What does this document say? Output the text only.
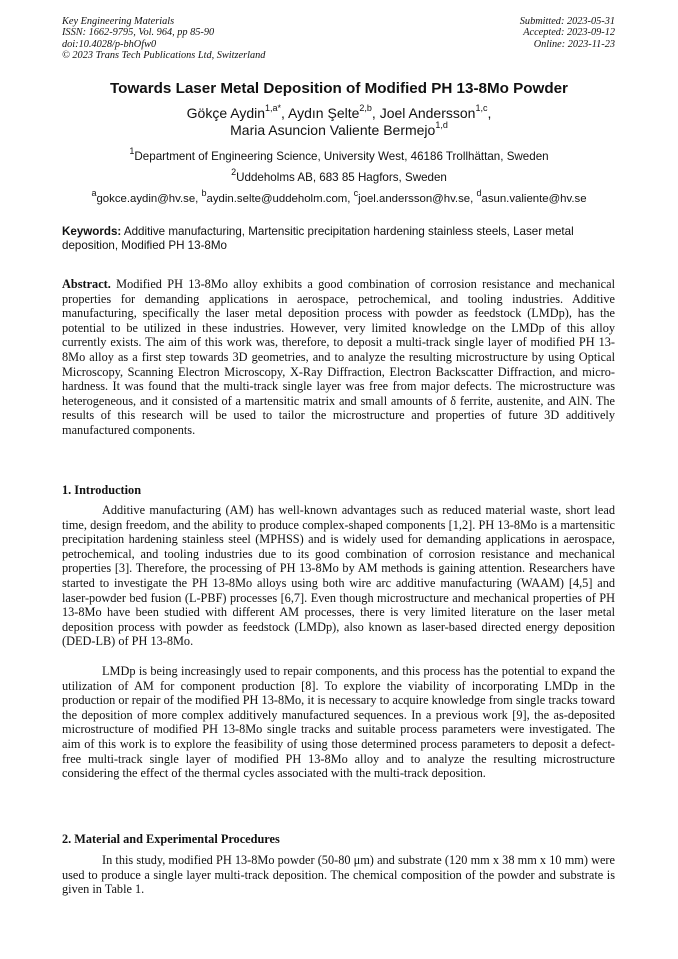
Key Engineering Materials
ISSN: 1662-9795, Vol. 964, pp 85-90
doi:10.4028/p-bhOfw0
© 2023 Trans Tech Publications Ltd, Switzerland
Submitted: 2023-05-31
Accepted: 2023-09-12
Online: 2023-11-23
Towards Laser Metal Deposition of Modified PH 13-8Mo Powder
Gökçe Aydin$^{1,a*}$, Aydın Şelte$^{2,b}$, Joel Andersson$^{1,c}$,
Maria Asuncion Valiente Bermejo$^{1,d}$
$^1$Department of Engineering Science, University West, 46186 Trollhättan, Sweden
$^2$Uddeholms AB, 683 85 Hagfors, Sweden
$^a$gokce.aydin@hv.se, $^b$aydin.selte@uddeholm.com, $^c$joel.andersson@hv.se, $^d$asun.valiente@hv.se
Keywords: Additive manufacturing, Martensitic precipitation hardening stainless steels, Laser metal deposition, Modified PH 13-8Mo
Abstract. Modified PH 13-8Mo alloy exhibits a good combination of corrosion resistance and mechanical properties for demanding applications in aerospace, petrochemical, and tooling industries. Additive manufacturing, specifically the laser metal deposition process with powder as feedstock (LMDp), has the potential to be utilized in these industries. However, very limited knowledge on the LMDp of this alloy currently exists. The aim of this work was, therefore, to deposit a multi-track single layer of modified PH 13-8Mo alloy as a first step towards 3D geometries, and to analyze the resulting microstructure by using Optical Microscopy, Scanning Electron Microscopy, X-Ray Diffraction, Electron Backscatter Diffraction, and micro-hardness. It was found that the multi-track single layer was free from major defects. The microstructure was heterogeneous, and it consisted of a martensitic matrix and small amounts of δ ferrite, austenite, and AlN. The results of this research will be used to tailor the microstructure and properties of future 3D additively manufactured components.
1. Introduction
Additive manufacturing (AM) has well-known advantages such as reduced material waste, short lead time, design freedom, and the ability to produce complex-shaped components [1,2]. PH 13-8Mo is a martensitic precipitation hardening stainless steel (MPHSS) and is widely used for demanding applications in aerospace, petrochemical, and tooling industries due to its good combination of corrosion resistance and mechanical properties [3]. Therefore, the processing of PH 13-8Mo by AM methods is gaining attention. Researchers have started to investigate the PH 13-8Mo alloys using both wire arc additive manufacturing (WAAM) [4,5] and laser-powder bed fusion (L-PBF) processes [6,7]. Even though microstructure and mechanical properties of PH 13-8Mo have been studied with different AM processes, there is very limited literature on the laser metal deposition process with powder as feedstock (LMDp), also known as laser-based directed energy deposition (DED-LB) of PH 13-8Mo.
LMDp is being increasingly used to repair components, and this process has the potential to expand the utilization of AM for component production [8]. To explore the viability of incorporating LMDp in the production or repair of the modified PH 13-8Mo, it is necessary to acquire knowledge from single tracks toward the deposition of more complex additively manufactured sequences. In a previous work [9], the as-deposited microstructure of modified PH 13-8Mo single tracks and suitable process parameters were investigated. The aim of this work is to explore the feasibility of using those determined process parameters to deposit a defect-free multi-track single layer of modified PH 13-8Mo alloy and to analyze the resulting microstructure considering the effect of the thermal cycles associated with the multi-track deposition.
2. Material and Experimental Procedures
In this study, modified PH 13-8Mo powder (50-80 μm) and substrate (120 mm x 38 mm x 10 mm) were used to produce a single layer multi-track deposition. The chemical composition of the powder and substrate is given in Table 1.
